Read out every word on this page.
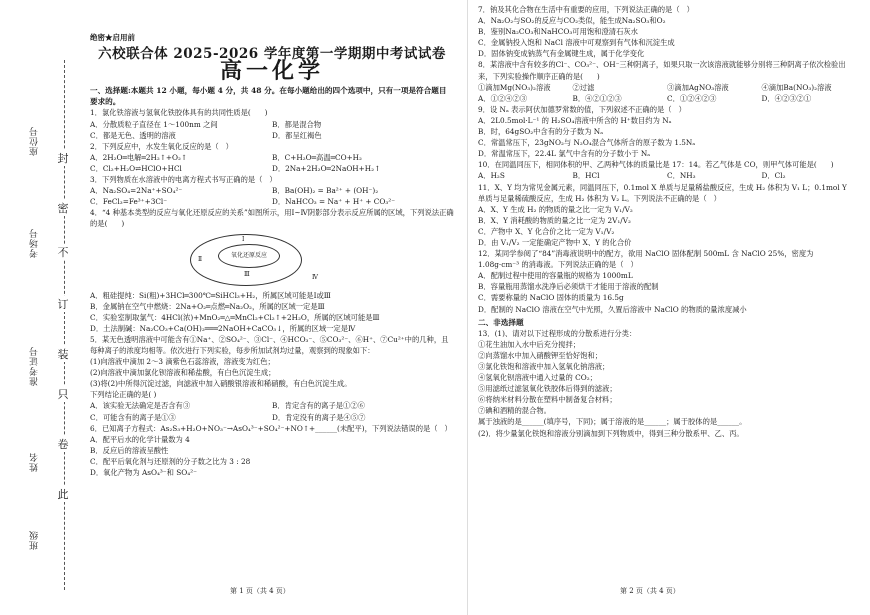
封
密
不
订
装
只
卷
此
座位号
考场号
准考证号
姓名
班级
绝密★启用前
六校联合体 2025-2026 学年度第一学期期中考试试卷
高一化学
一、选择题:本题共 12 小题，每小题 4 分，共 48 分。在每小题给出的四个选项中，只有一项是符合题目要求的。
1．氯化铁溶液与氢氧化铁胶体具有的共同性质是(      )
A．分散质粒子直径在 1～100nm 之间	B．都是混合物
C．都是无色、透明的溶液	D．都呈红褐色
2．下列反应中，水发生氧化反应的是（   ）
A．2H₂O═电解═2H₂↑+O₂↑	B．C+H₂O═高温═CO+H₂
C．Cl₂+H₂O⇌HClO+HCl	D．2Na+2H₂O═2NaOH+H₂↑
3．下列物质在水溶液中的电离方程式书写正确的是（   ）
A．Na₂SO₄=2Na⁺+SO₄²⁻	B．Ba(OH)₂ = Ba²⁺ + (OH⁻)₂
C．FeCl₃=Fe³⁺+3Cl⁻	D．NaHCO₃ = Na⁺ + H⁺ + CO₃²⁻
4．“4 种基本类型的反应与氧化还原反应的关系”如图所示，用Ⅰ~Ⅳ阴影部分表示反应所属的区域，下列说法正确的是(      )
氧化还原反应
Ⅰ
Ⅱ
Ⅲ	Ⅳ
A．粗硅提纯：Si(粗)+3HCl═300℃═SiHCl₃+H₂，所属区域可能是Ⅰ或Ⅲ
B．金属钠在空气中燃烧：2Na+O₂═点燃═Na₂O₂，所属的区域一定是Ⅲ
C．实验室制取氯气：4HCl(浓)+MnO₂═△═MnCl₂+Cl₂↑+2H₂O，所属的区域可能是Ⅲ
D．土法制碱：Na₂CO₃+Ca(OH)₂═══2NaOH+CaCO₃↓，所属的区域一定是Ⅳ
5．某无色透明溶液中可能含有①Na⁺、②SO₄²⁻、③Cl⁻、④HCO₃⁻、⑤CO₃²⁻、⑥H⁺、⑦Cu²⁺中的几种，且每种离子的浓度均相等。依次进行下列实验，每步所加试剂均过量，观察到的现象如下：
(1)向溶液中滴加 2～3 滴紫色石蕊溶液，溶液变为红色；
(2)向溶液中滴加氯化钡溶液和稀盐酸，有白色沉淀生成；
(3)将(2)中所得沉淀过滤，向滤液中加入硝酸银溶液和稀硝酸，有白色沉淀生成。
下列结论正确的是( )
A．该实验无法确定是否含有③	B．肯定含有的离子是①②⑥
C．可能含有的离子是①③	D．肯定没有的离子是④⑤⑦
6．已知离子方程式：As₂S₃+H₂O+NO₃⁻→AsO₄³⁻+SO₄²⁻+NO↑+______(未配平)，下列说法错误的是（   ）
A．配平后水的化学计量数为 4
B．反应后的溶液呈酸性
C．配平后氧化剂与还原剂的分子数之比为 3 : 28
D．氧化产物为 AsO₄³⁻和 SO₄²⁻
7．钠及其化合物在生活中有重要的应用，下列说法正确的是（   ）
A．Na₂O₂与SO₂的反应与CO₂类似，能生成Na₂SO₃和O₂
B．鉴别Na₂CO₃和NaHCO₃可用饱和澄清石灰水
C．金属钠投入饱和 NaCl 溶液中可观察到有气体和沉淀生成
D．固体钠变成钠蒸气有金属键生成，属于化学变化
8．某溶液中含有较多的Cl⁻、CO₃²⁻、OH⁻三种阴离子，如果只取一次该溶液就能够分别将三种阴离子依次检验出来，下列实验操作顺序正确的是(      )
①滴加Mg(NO₃)₂溶液	②过滤	③滴加AgNO₃溶液	④滴加Ba(NO₃)₂溶液
A．①②④②③	B．④②①②③	C．①②④②③	D．④②③②①
9．设 Nₐ 表示阿伏加德罗常数的值，下列叙述不正确的是（   ）
A．2L0.5mol·L⁻¹ 的 H₂SO₄溶液中所含的 H⁺数目约为 Nₐ
B．时，64gSO₂中含有的分子数为 Nₐ
C．常温常压下，23gNO₂与 N₂O₄混合气体所含的原子数为 1.5Nₐ
D．常温常压下，22.4L 氯气中含有的分子数小于 Nₐ
10．在同温同压下，相同体积的甲、乙两种气体的质量比是 17：14。若乙气体是 CO，则甲气体可能是(      )
A．H₂S	B．HCl	C．NH₃	D．Cl₂
11．X、Y 均为常见金属元素，同温同压下，0.1mol X 单质与足量稀盐酸反应，生成 H₂ 体积为 V₁ L；0.1mol Y 单质与足量稀硫酸反应，生成 H₂ 体积为 V₂ L。下列说法不正确的是（   ）
A．X、Y 生成 H₂ 的物质的量之比一定为 V₁/V₂
B．X、Y 消耗酸的物质的量之比一定为 2V₁/V₂
C．产物中 X、Y 化合价之比一定为 V₁/V₂
D．由 V₁/V₂ 一定能确定产物中 X、Y 的化合价
12．某同学参阅了“84”消毒液说明中的配方，欲用 NaClO 固体配制 500mL 含 NaClO 25%，密度为 1.08g·cm⁻³ 的消毒液。下列说法正确的是（   ）
A．配制过程中使用的容量瓶的规格为 1000mL
B．容量瓶用蒸馏水洗净后必须烘干才能用于溶液的配制
C．需要称量的 NaClO 固体的质量为 16.5g
D．配制的 NaClO 溶液在空气中光照，久置后溶液中 NaClO 的物质的量浓度减小
二、非选择题
13．(1)、请对以下过程形成的分散系进行分类：
①花生油加入水中后充分搅拌；
②向蒸馏水中加入硝酸钾至恰好饱和；
③氯化铁饱和溶液中加入氢氧化钠溶液；
④氢氧化钡溶液中通入过量的 CO₂；
⑤用滤纸过滤氢氧化铁胶体后得到的滤液；
⑥将纳米材料分散在塑料中制备复合材料；
⑦碘和酒精的混合物。
属于浊液的是______(填序号，下同)；属于溶液的是______；属于胶体的是______。
(2)．将少量氯化铁饱和溶液分别滴加到下列物质中，得到三种分散系甲、乙、丙。
第 1 页（共 4 页）	第 2 页（共 4 页）
